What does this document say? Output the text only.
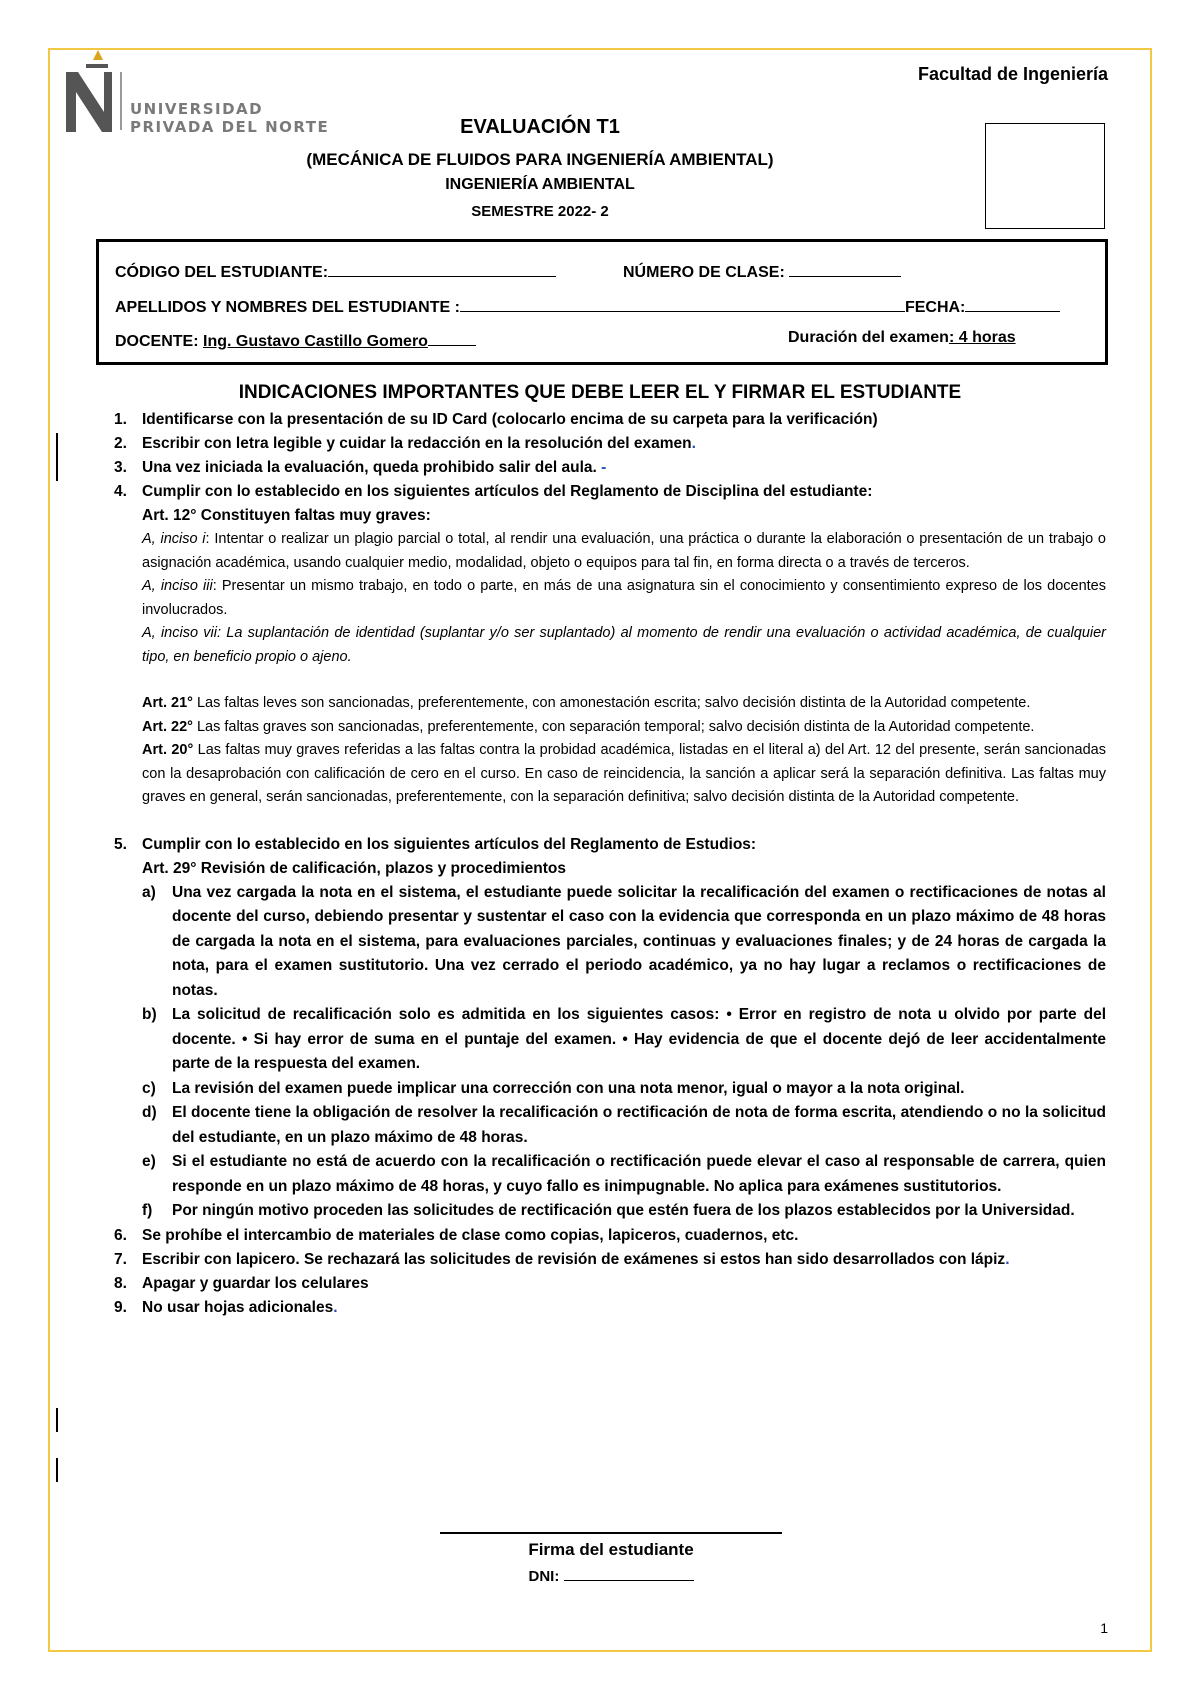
UNIVERSIDAD
PRIVADA DEL NORTE
Facultad de Ingeniería
EVALUACIÓN T1
(MECÁNICA DE FLUIDOS PARA INGENIERÍA AMBIENTAL)
INGENIERÍA AMBIENTAL
SEMESTRE 2022- 2
CÓDIGO DEL ESTUDIANTE:	NÚMERO DE CLASE:
APELLIDOS Y NOMBRES DEL ESTUDIANTE :	FECHA:
DOCENTE: Ing. Gustavo Castillo Gomero	Duración del examen: 4 horas
INDICACIONES IMPORTANTES QUE DEBE LEER EL Y FIRMAR EL ESTUDIANTE
1. Identificarse con la presentación de su ID Card (colocarlo encima de su carpeta para la verificación)
2. Escribir con letra legible y cuidar la redacción en la resolución del examen.
3. Una vez iniciada la evaluación, queda prohibido salir del aula. -
4. Cumplir con lo establecido en los siguientes artículos del Reglamento de Disciplina del estudiante:
Art. 12° Constituyen faltas muy graves:
A, inciso i: Intentar o realizar un plagio parcial o total, al rendir una evaluación, una práctica o durante la elaboración o presentación de un trabajo o asignación académica, usando cualquier medio, modalidad, objeto o equipos para tal fin, en forma directa o a través de terceros.
A, inciso iii: Presentar un mismo trabajo, en todo o parte, en más de una asignatura sin el conocimiento y consentimiento expreso de los docentes involucrados.
A, inciso vii: La suplantación de identidad (suplantar y/o ser suplantado) al momento de rendir una evaluación o actividad académica, de cualquier tipo, en beneficio propio o ajeno.
Art. 21° Las faltas leves son sancionadas, preferentemente, con amonestación escrita; salvo decisión distinta de la Autoridad competente.
Art. 22° Las faltas graves son sancionadas, preferentemente, con separación temporal; salvo decisión distinta de la Autoridad competente.
Art. 20° Las faltas muy graves referidas a las faltas contra la probidad académica, listadas en el literal a) del Art. 12 del presente, serán sancionadas con la desaprobación con calificación de cero en el curso. En caso de reincidencia, la sanción a aplicar será la separación definitiva. Las faltas muy graves en general, serán sancionadas, preferentemente, con la separación definitiva; salvo decisión distinta de la Autoridad competente.
5. Cumplir con lo establecido en los siguientes artículos del Reglamento de Estudios:
Art. 29° Revisión de calificación, plazos y procedimientos
a) Una vez cargada la nota en el sistema, el estudiante puede solicitar la recalificación del examen o rectificaciones de notas al docente del curso, debiendo presentar y sustentar el caso con la evidencia que corresponda en un plazo máximo de 48 horas de cargada la nota en el sistema, para evaluaciones parciales, continuas y evaluaciones finales; y de 24 horas de cargada la nota, para el examen sustitutorio. Una vez cerrado el periodo académico, ya no hay lugar a reclamos o rectificaciones de notas.
b) La solicitud de recalificación solo es admitida en los siguientes casos: • Error en registro de nota u olvido por parte del docente. • Si hay error de suma en el puntaje del examen. • Hay evidencia de que el docente dejó de leer accidentalmente parte de la respuesta del examen.
c) La revisión del examen puede implicar una corrección con una nota menor, igual o mayor a la nota original.
d) El docente tiene la obligación de resolver la recalificación o rectificación de nota de forma escrita, atendiendo o no la solicitud del estudiante, en un plazo máximo de 48 horas.
e) Si el estudiante no está de acuerdo con la recalificación o rectificación puede elevar el caso al responsable de carrera, quien responde en un plazo máximo de 48 horas, y cuyo fallo es inimpugnable. No aplica para exámenes sustitutorios.
f) Por ningún motivo proceden las solicitudes de rectificación que estén fuera de los plazos establecidos por la Universidad.
6. Se prohíbe el intercambio de materiales de clase como copias, lapiceros, cuadernos, etc.
7. Escribir con lapicero. Se rechazará las solicitudes de revisión de exámenes si estos han sido desarrollados con lápiz.
8. Apagar y guardar los celulares
9. No usar hojas adicionales.
Firma del estudiante
DNI:
1
